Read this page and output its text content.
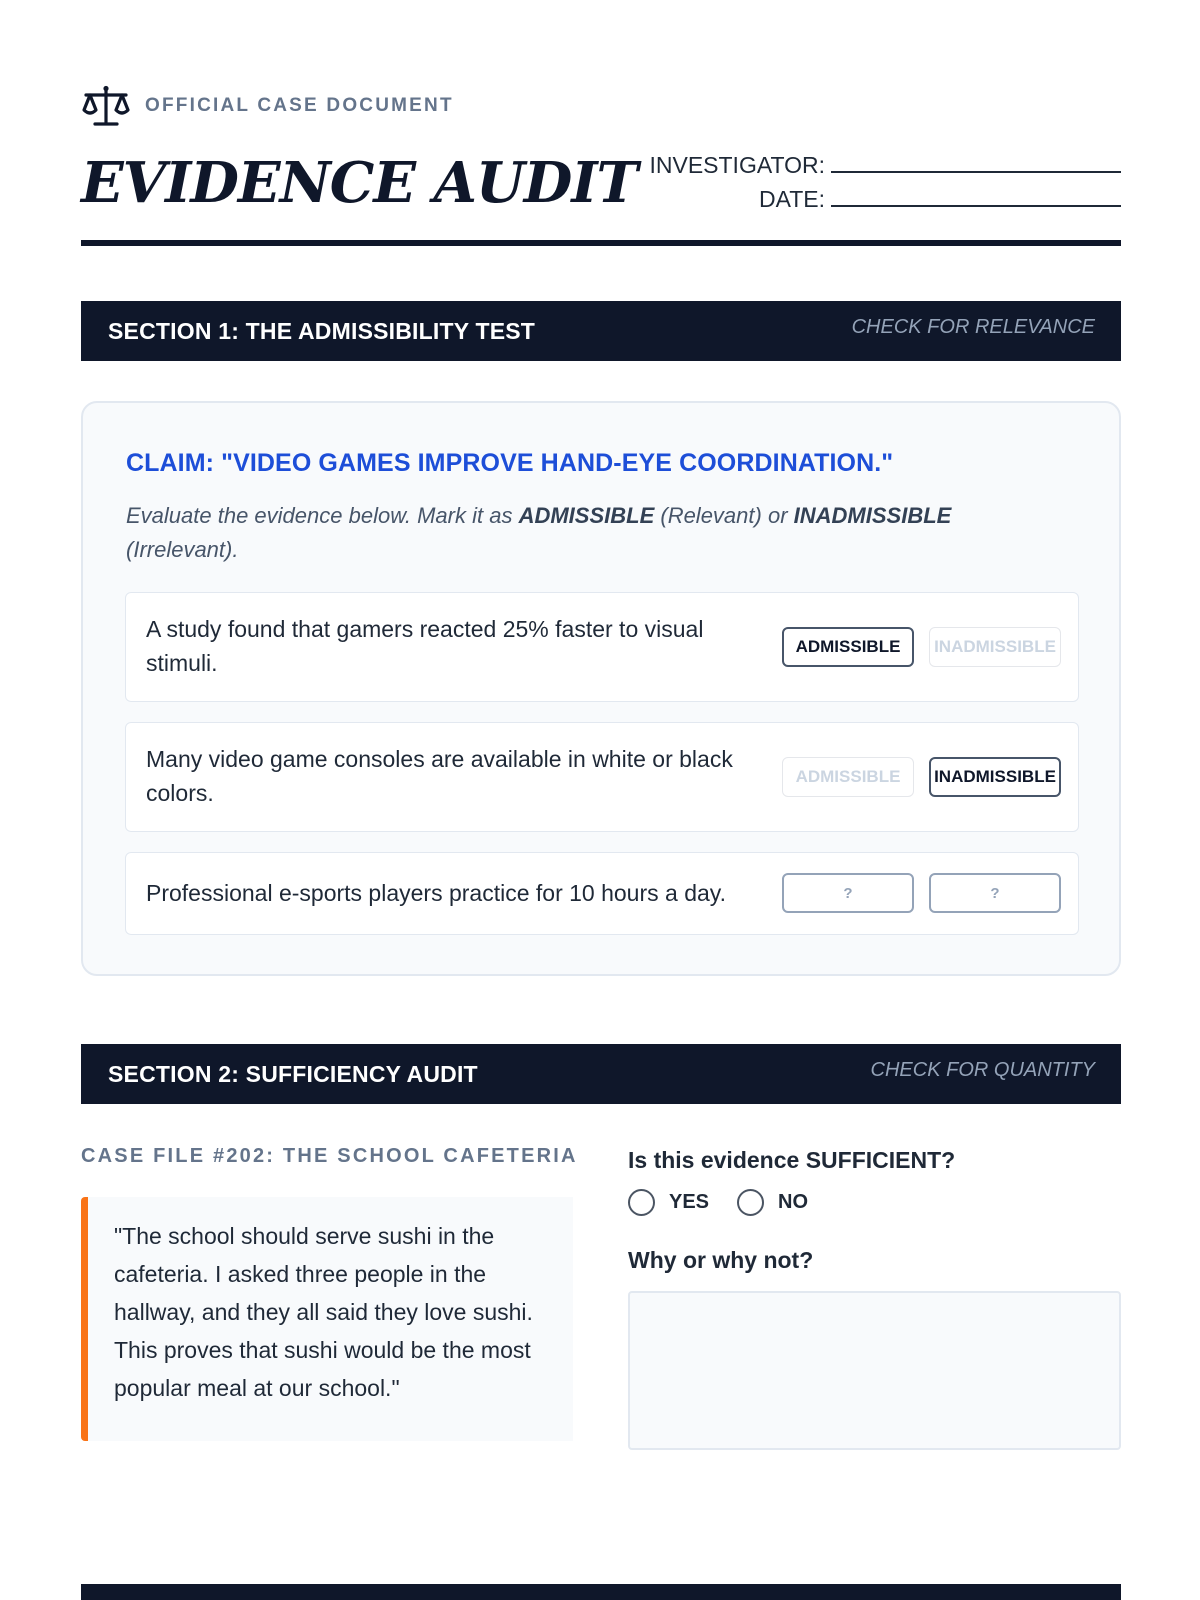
OFFICIAL CASE DOCUMENT
EVIDENCE AUDIT INVESTIGATOR:
DATE:
SECTION 1: THE ADMISSIBILITY TEST	CHECK FOR RELEVANCE
CLAIM: "VIDEO GAMES IMPROVE HAND-EYE COORDINATION."

Evaluate the evidence below. Mark it as ADMISSIBLE (Relevant) or INADMISSIBLE (Irrelevant).

A study found that gamers reacted 25% faster to visual stimuli.
ADMISSIBLE	INADMISSIBLE
Many video game consoles are available in white or black colors.
ADMISSIBLE	INADMISSIBLE
Professional e-sports players practice for 10 hours a day.	?	?
SECTION 2: SUFFICIENCY AUDIT	CHECK FOR QUANTITY
CASE FILE #202: THE SCHOOL CAFETERIA

"The school should serve sushi in the cafeteria. I asked three people in the hallway, and they all said they love sushi. This proves that sushi would be the most popular meal at our school."

Is this evidence SUFFICIENT?
YES	NO
Why or why not?
